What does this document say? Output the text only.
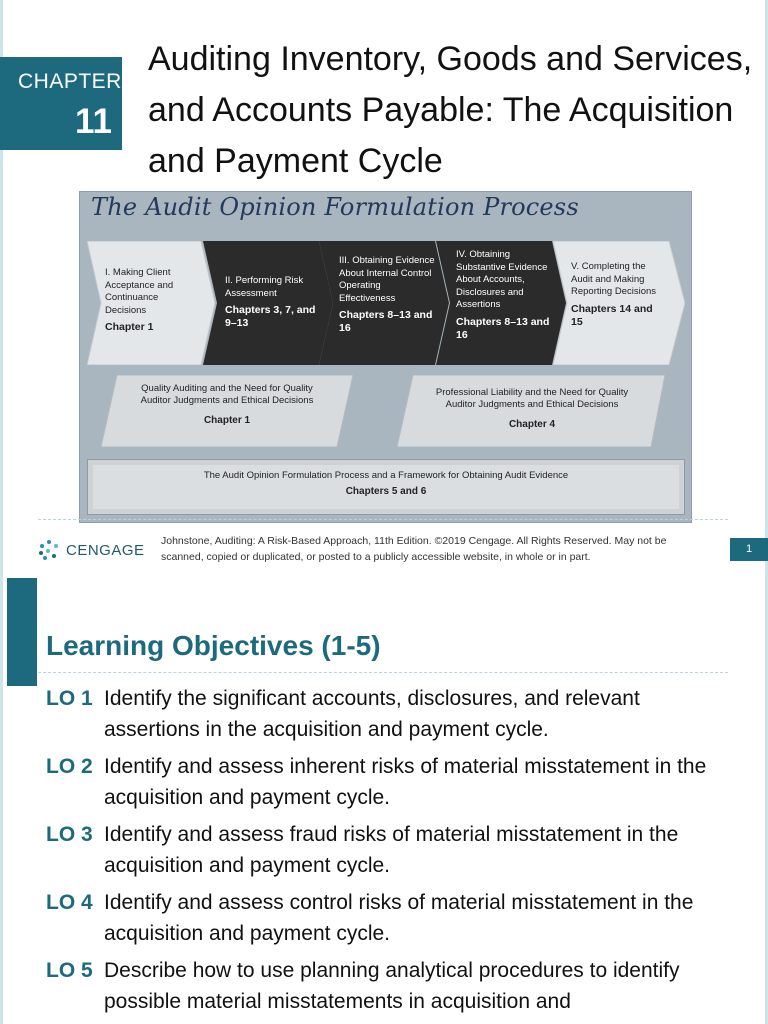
CHAPTER
11
Auditing Inventory, Goods and Services, and Accounts Payable: The Acquisition and Payment Cycle
The Audit Opinion Formulation Process
I. Making Client Acceptance and Continuance Decisions
Chapter 1
II. Performing Risk Assessment
Chapters 3, 7, and 9–13
III. Obtaining Evidence About Internal Control Operating Effectiveness
Chapters 8–13 and 16
IV. Obtaining Substantive Evidence About Accounts, Disclosures and Assertions
Chapters 8–13 and 16
V. Completing the Audit and Making Reporting Decisions
Chapters 14 and 15
Quality Auditing and the Need for Quality Auditor Judgments and Ethical Decisions
Chapter 1
Professional Liability and the Need for Quality Auditor Judgments and Ethical Decisions
Chapter 4
The Audit Opinion Formulation Process and a Framework for Obtaining Audit Evidence
Chapters 5 and 6
CENGAGE
Johnstone, Auditing: A Risk-Based Approach, 11th Edition. ©2019 Cengage. All Rights Reserved. May not be scanned, copied or duplicated, or posted to a publicly accessible website, in whole or in part.
1
Learning Objectives (1-5)
LO 1 Identify the significant accounts, disclosures, and relevant assertions in the acquisition and payment cycle.
LO 2 Identify and assess inherent risks of material misstatement in the acquisition and payment cycle.
LO 3 Identify and assess fraud risks of material misstatement in the acquisition and payment cycle.
LO 4 Identify and assess control risks of material misstatement in the acquisition and payment cycle.
LO 5 Describe how to use planning analytical procedures to identify possible material misstatements in acquisition and
